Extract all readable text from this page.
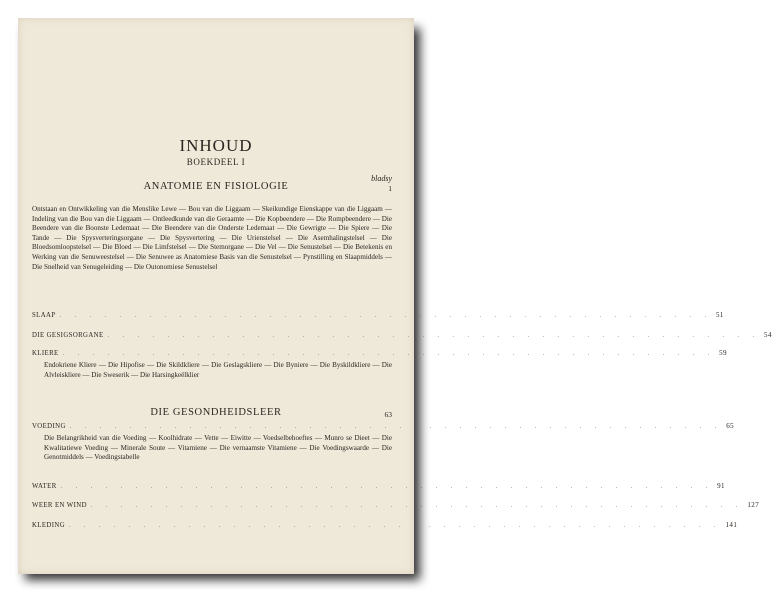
INHOUD
BOEKDEEL I
bladsy
ANATOMIE EN FISIOLOGIE	1
Ontstaan en Ontwikkeling van die Menslike Lewe — Bou van die Liggaam — Skeikundige Eienskappe van die Liggaam — Indeling van die Bou van die Liggaam — Ontleedkunde van die Geraamte — Die Kopbeendere — Die Rompbeendere — Die Beendere van die Boonste Ledemaat — Die Beendere van die Onderste Ledemaat — Die Gewrigte — Die Spiere — Die Tande — Die Spysverteringsorgane — Die Spysvertering — Die Urienstelsel — Die Asemhalingstelsel — Die Bloedsomloopstelsel — Die Bloed — Die Limfstelsel — Die Stemorgane — Die Vel — Die Senustelsel — Die Betekenis en Werking van die Senuweestelsel — Die Senuwee as Anatomiese Basis van die Senustelsel — Pynstilling en Slaapmiddels — Die Snelheid van Senugeleiding — Die Outonomiese Senustelsel
SLAAP . . . . . . . . . . . . . . . . . . . . . . . . . . . . . . . . . . . . . . . . . . . . 51
DIE GESIGSORGANE . . . . . . . . . . . . . . . . . . . . . . . . . . . . . . . . . . . . . . . . . . . . 54
KLIERE . . . . . . . . . . . . . . . . . . . . . . . . . . . . . . . . . . . . . . . . . . . . 59
Endokriene Kliere — Die Hipofise — Die Skildkliere — Die Geslagskliere — Die Byniere — Die Byskildkliere — Die Alvleiskliere — Die Sweserik — Die Harsingkeëlklier
DIE GESONDHEIDSLEER	63
VOEDING . . . . . . . . . . . . . . . . . . . . . . . . . . . . . . . . . . . . . . . . . . . . 65
Die Belangrikheid van die Voeding — Koolhidrate — Vette — Eiwitte — Voedselbehoeftes — Munro se Dieet — Die Kwalitatiewe Voeding — Minerale Soute — Vitamiene — Die vernaamste Vitamiene — Die Voedingswaarde — Die Genotmiddels — Voedingstabelle
WATER . . . . . . . . . . . . . . . . . . . . . . . . . . . . . . . . . . . . . . . . . . . . 91
WEER EN WIND . . . . . . . . . . . . . . . . . . . . . . . . . . . . . . . . . . . . . . . . . . . . 127
KLEDING . . . . . . . . . . . . . . . . . . . . . . . . . . . . . . . . . . . . . . . . . . . . 141
